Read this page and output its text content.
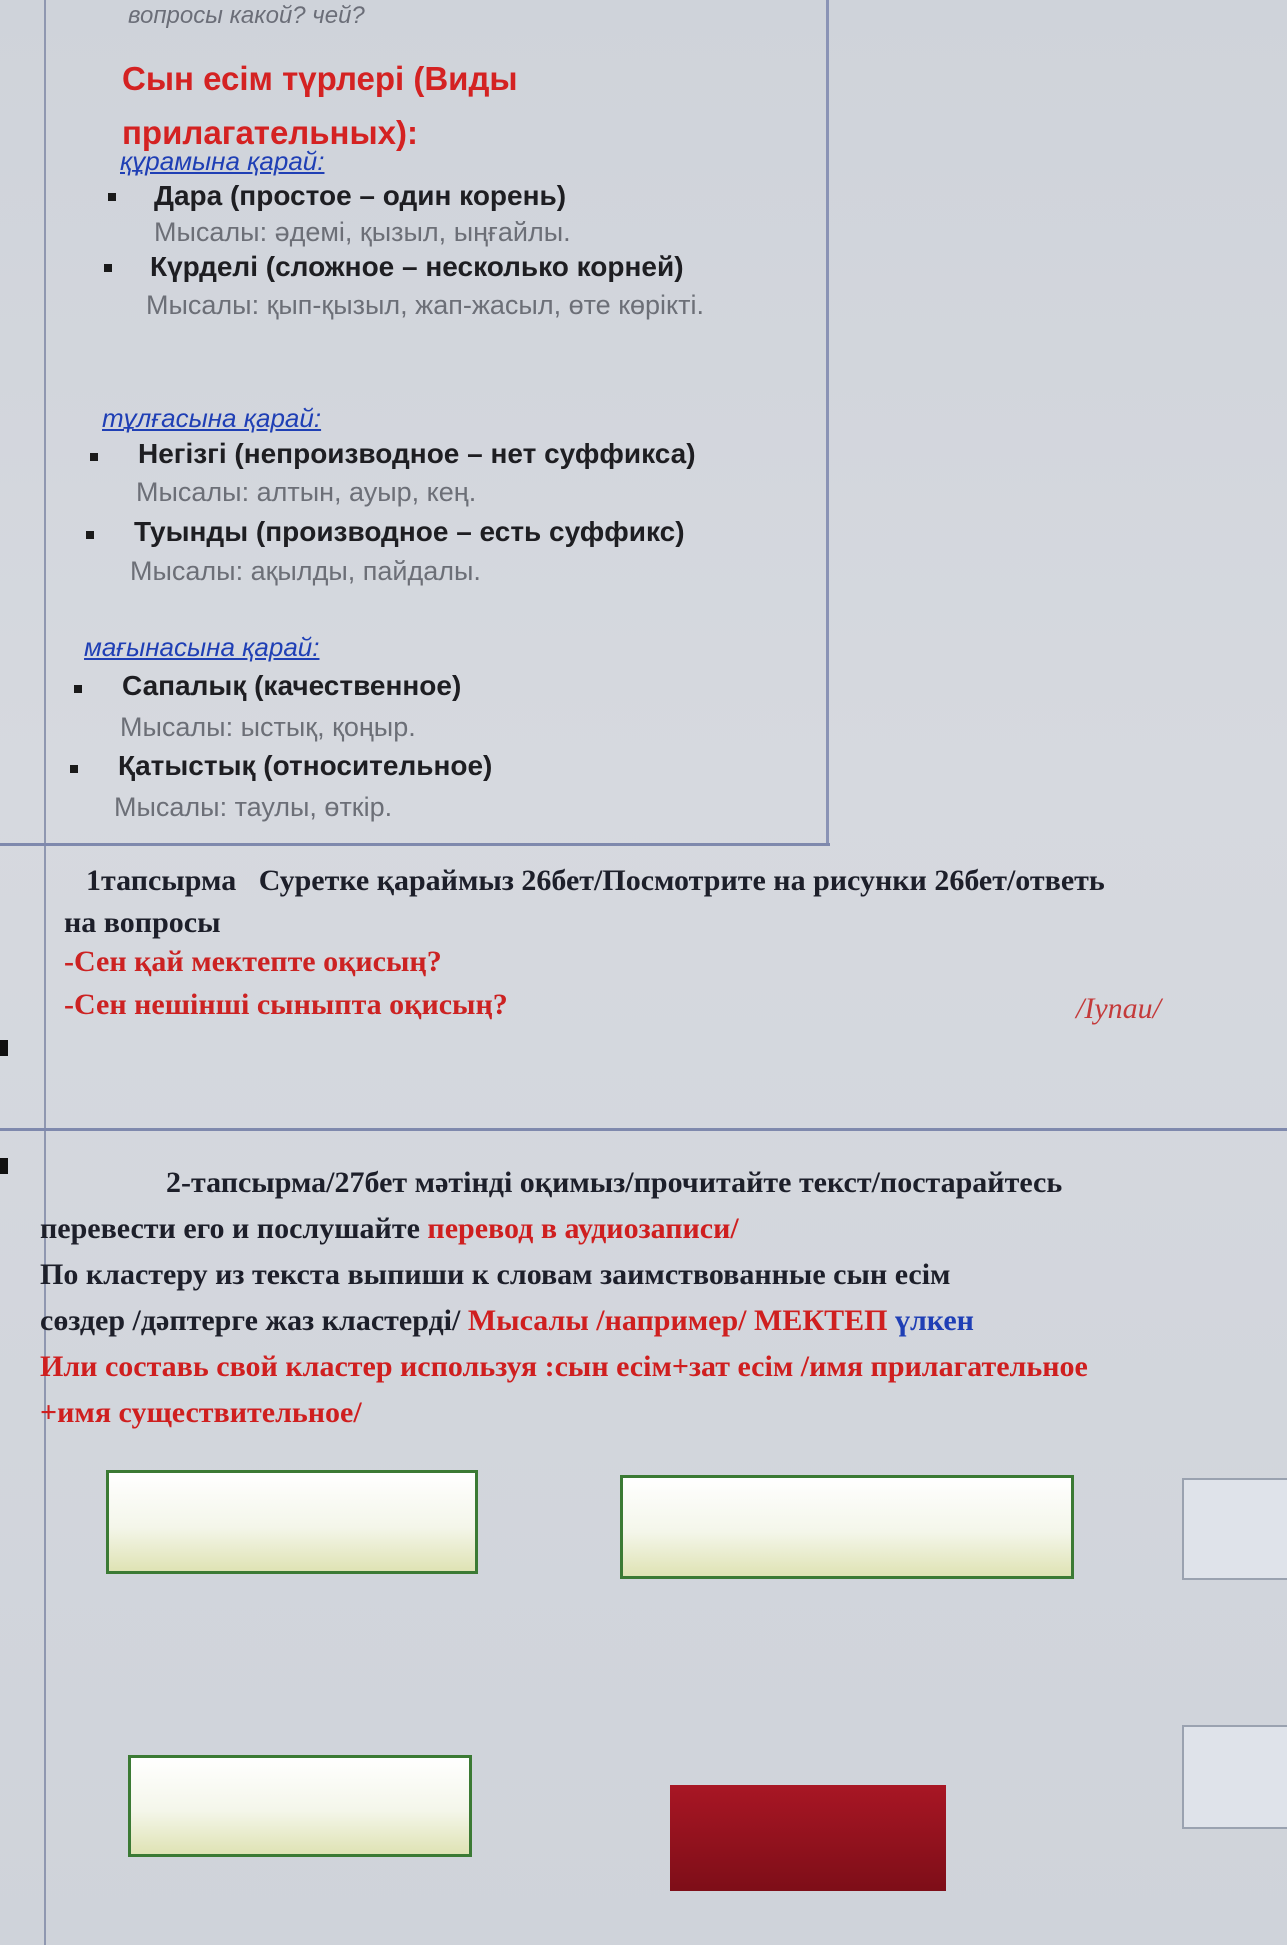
вопросы какой? чей?
Сын есім түрлері (Виды прилагательных):
құрамына қарай:
Дара (простое – один корень)
Мысалы: әдемі, қызыл, ыңғайлы.
Күрделі (сложное – несколько корней)
Мысалы: қып-қызыл, жап-жасыл, өте көрікті.
тұлғасына қарай:
Негізгі (непроизводное – нет суффикса)
Мысалы: алтын, ауыр, кең.
Туынды (производное – есть суффикс)
Мысалы: ақылды, пайдалы.
мағынасына қарай:
Сапалық (качественное)
Мысалы: ыстық, қоңыр.
Қатыстық (относительное)
Мысалы: таулы, өткір.
1тапсырма Суретке қараймыз 26бет/Посмотрите на рисунки 26бет/ответь на вопросы
-Сен қай мектепте оқисың?
-Сен нешінші сыныпта оқисың?	/Iупаи/
2-тапсырма/27бет мәтінді оқимыз/прочитайте текст/постарайтесь
перевести его и послушайте перевод в аудиозаписи/
По кластеру из текста выпиши к словам заимствованные сын есім
сөздер /дәптерге жаз кластерді/ Мысалы /например/ МЕКТЕП үлкен
Или составь свой кластер используя :сын есім+зат есім /имя прилагательное +имя существительное/
